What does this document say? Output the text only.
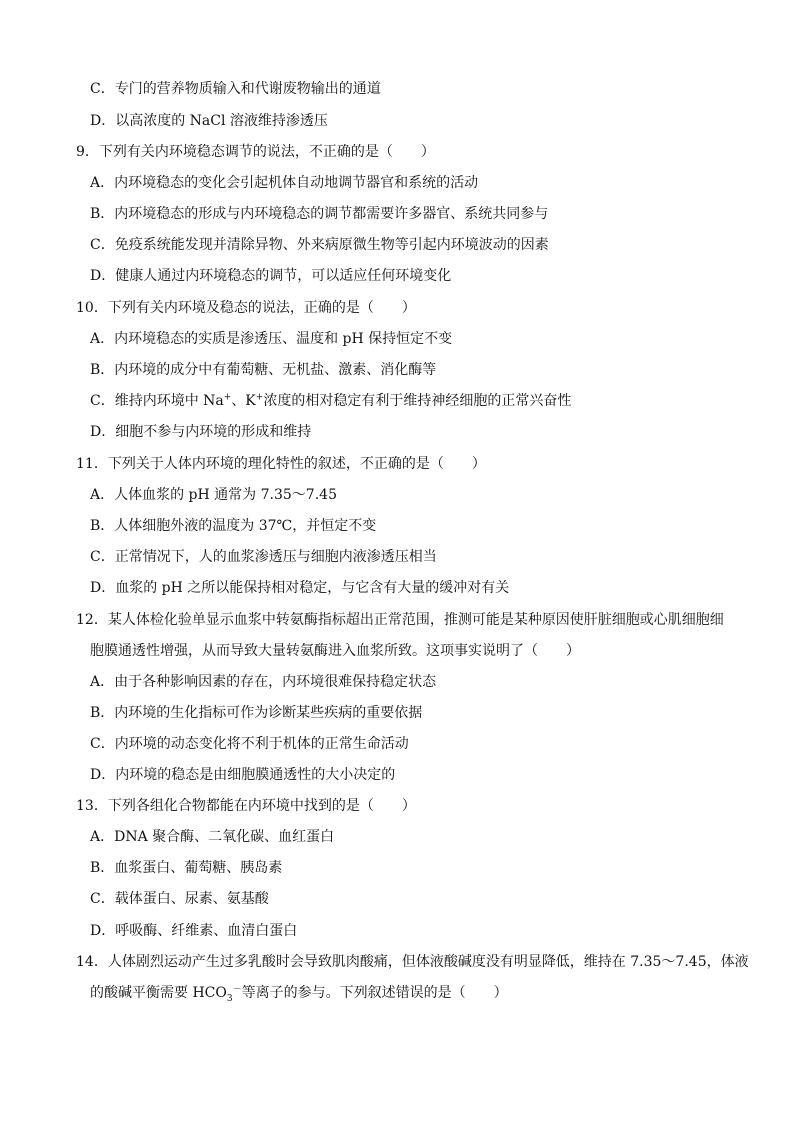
C．专门的营养物质输入和代谢废物输出的通道
D．以高浓度的 NaCl 溶液维持渗透压
9．下列有关内环境稳态调节的说法，不正确的是（　　）
A．内环境稳态的变化会引起机体自动地调节器官和系统的活动
B．内环境稳态的形成与内环境稳态的调节都需要许多器官、系统共同参与
C．免疫系统能发现并清除异物、外来病原微生物等引起内环境波动的因素
D．健康人通过内环境稳态的调节，可以适应任何环境变化
10．下列有关内环境及稳态的说法，正确的是（　　）
A．内环境稳态的实质是渗透压、温度和 pH 保持恒定不变
B．内环境的成分中有葡萄糖、无机盐、激素、消化酶等
C．维持内环境中 Na+、K+浓度的相对稳定有利于维持神经细胞的正常兴奋性
D．细胞不参与内环境的形成和维持
11．下列关于人体内环境的理化特性的叙述，不正确的是（　　）
A．人体血浆的 pH 通常为 7.35～7.45
B．人体细胞外液的温度为 37℃，并恒定不变
C．正常情况下，人的血浆渗透压与细胞内液渗透压相当
D．血浆的 pH 之所以能保持相对稳定，与它含有大量的缓冲对有关
12．某人体检化验单显示血浆中转氨酶指标超出正常范围，推测可能是某种原因使肝脏细胞或心肌细胞细
胞膜通透性增强，从而导致大量转氨酶进入血浆所致。这项事实说明了（　　）
A．由于各种影响因素的存在，内环境很难保持稳定状态
B．内环境的生化指标可作为诊断某些疾病的重要依据
C．内环境的动态变化将不利于机体的正常生命活动
D．内环境的稳态是由细胞膜通透性的大小决定的
13．下列各组化合物都能在内环境中找到的是（　　）
A．DNA 聚合酶、二氧化碳、血红蛋白
B．血浆蛋白、葡萄糖、胰岛素
C．载体蛋白、尿素、氨基酸
D．呼吸酶、纤维素、血清白蛋白
14．人体剧烈运动产生过多乳酸时会导致肌肉酸痛，但体液酸碱度没有明显降低，维持在 7.35～7.45，体液
的酸碱平衡需要 $HCO_3^-$等离子的参与。下列叙述错误的是（　　）
